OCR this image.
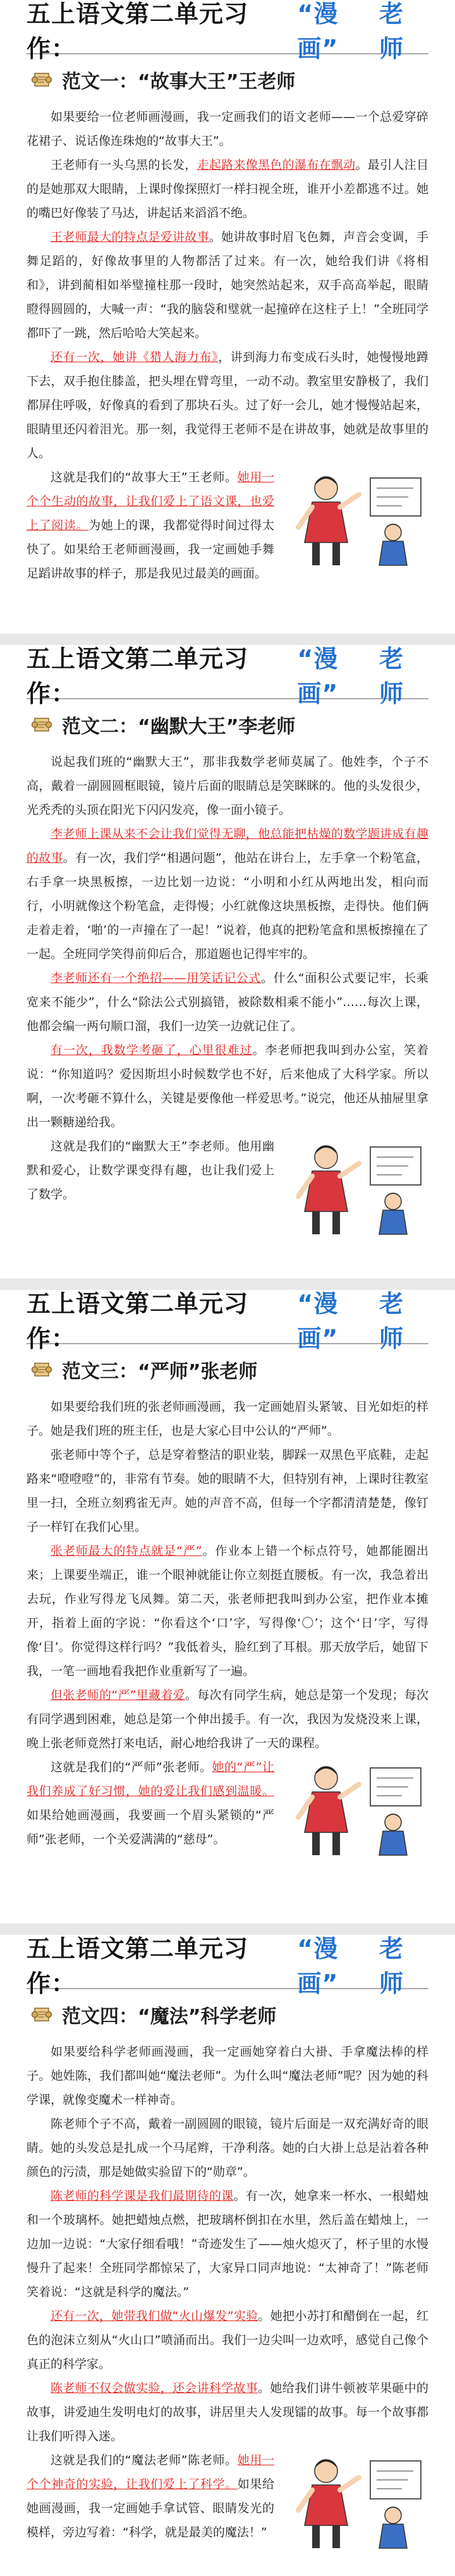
五上语文第二单元习作：
“漫画”
老师
范文一：“故事大王”王老师

如果要给一位老师画漫画，我一定画我们的语文老师——一个总爱穿碎花裙子、说话像连珠炮的“故事大王”。

王老师有一头乌黑的长发，走起路来像黑色的瀑布在飘动。最引人注目的是她那双大眼睛，上课时像探照灯一样扫视全班，谁开小差都逃不过。她的嘴巴好像装了马达，讲起话来滔滔不绝。

王老师最大的特点是爱讲故事。她讲故事时眉飞色舞，声音会变调，手舞足蹈的，好像故事里的人物都活了过来。有一次，她给我们讲《将相和》，讲到蔺相如举璧撞柱那一段时，她突然站起来，双手高高举起，眼睛瞪得圆圆的，大喊一声：“我的脑袋和璧就一起撞碎在这柱子上！”全班同学都吓了一跳，然后哈哈大笑起来。

还有一次，她讲《猎人海力布》，讲到海力布变成石头时，她慢慢地蹲下去，双手抱住膝盖，把头埋在臂弯里，一动不动。教室里安静极了，我们都屏住呼吸，好像真的看到了那块石头。过了好一会儿，她才慢慢站起来，眼睛里还闪着泪光。那一刻，我觉得王老师不是在讲故事，她就是故事里的人。

这就是我们的“故事大王”王老师。她用一个个生动的故事，让我们爱上了语文课，也爱上了阅读。为她上的课，我都觉得时间过得太快了。如果给王老师画漫画，我一定画她手舞足蹈讲故事的样子，那是我见过最美的画面。

五上语文第二单元习作：
“漫画”
老师
范文二：“幽默大王”李老师

说起我们班的“幽默大王”，那非我数学老师莫属了。他姓李，个子不高，戴着一副圆圆框眼镜，镜片后面的眼睛总是笑眯眯的。他的头发很少，光秃秃的头顶在阳光下闪闪发亮，像一面小镜子。

李老师上课从来不会让我们觉得无聊，他总能把枯燥的数学题讲成有趣的故事。有一次，我们学“相遇问题”，他站在讲台上，左手拿一个粉笔盒，右手拿一块黑板擦，一边比划一边说：“小明和小红从两地出发，相向而行，小明就像这个粉笔盒，走得慢；小红就像这块黑板擦，走得快。他们俩走着走着，‘啪’的一声撞在了一起！”说着，他真的把粉笔盒和黑板擦撞在了一起。全班同学笑得前仰后合，那道题也记得牢牢的。

李老师还有一个绝招——用笑话记公式。什么“面积公式要记牢，长乘宽来不能少”，什么“除法公式别搞错，被除数相乘不能小”……每次上课，他都会编一两句顺口溜，我们一边笑一边就记住了。

有一次，我数学考砸了，心里很难过。李老师把我叫到办公室，笑着说：“你知道吗？爱因斯坦小时候数学也不好，后来他成了大科学家。所以啊，一次考砸不算什么，关键是要像他一样爱思考。”说完，他还从抽屉里拿出一颗糖递给我。

这就是我们的“幽默大王”李老师。他用幽默和爱心，让数学课变得有趣，也让我们爱上了数学。

五上语文第二单元习作：
“漫画”
老师
范文三：“严师”张老师

如果要给我们班的张老师画漫画，我一定画她眉头紧皱、目光如炬的样子。她是我们班的班主任，也是大家心目中公认的“严师”。

张老师中等个子，总是穿着整洁的职业装，脚踩一双黑色平底鞋，走起路来“噔噔噔”的，非常有节奏。她的眼睛不大，但特别有神，上课时往教室里一扫，全班立刻鸦雀无声。她的声音不高，但每一个字都清清楚楚，像钉子一样钉在我们心里。

张老师最大的特点就是“严”。作业本上错一个标点符号，她都能圈出来；上课要坐端正，谁一个眼神就能让你立刻挺直腰板。有一次，我急着出去玩，作业写得龙飞凤舞。第二天，张老师把我叫到办公室，把作业本摊开，指着上面的字说：“你看这个‘口’字，写得像‘〇’；这个‘日’字，写得像‘目’。你觉得这样行吗？”我低着头，脸红到了耳根。那天放学后，她留下我，一笔一画地看我把作业重新写了一遍。

但张老师的“严”里藏着爱。每次有同学生病，她总是第一个发现；每次有同学遇到困难，她总是第一个伸出援手。有一次，我因为发烧没来上课，晚上张老师竟然打来电话，耐心地给我讲了一天的课程。

这就是我们的“严师”张老师。她的“严”让我们养成了好习惯，她的爱让我们感到温暖。如果给她画漫画，我要画一个眉头紧锁的“严师”张老师，一个关爱满满的“慈母”。

五上语文第二单元习作：
“漫画”
老师
范文四：“魔法”科学老师

如果要给科学老师画漫画，我一定画她穿着白大褂、手拿魔法棒的样子。她姓陈，我们都叫她“魔法老师”。为什么叫“魔法老师”呢？因为她的科学课，就像变魔术一样神奇。

陈老师个子不高，戴着一副圆圆的眼镜，镜片后面是一双充满好奇的眼睛。她的头发总是扎成一个马尾辫，干净利落。她的白大褂上总是沾着各种颜色的污渍，那是她做实验留下的“勋章”。

陈老师的科学课是我们最期待的课。有一次，她拿来一杯水、一根蜡烛和一个玻璃杯。她把蜡烛点燃，把玻璃杯倒扣在水里，然后盖在蜡烛上，一边加一边说：“大家仔细看哦！”奇迹发生了——烛火熄灭了，杯子里的水慢慢升了起来！全班同学都惊呆了，大家异口同声地说：“太神奇了！”陈老师笑着说：“这就是科学的魔法。”

还有一次，她带我们做“火山爆发”实验。她把小苏打和醋倒在一起，红色的泡沫立刻从“火山口”喷涌而出。我们一边尖叫一边欢呼，感觉自己像个真正的科学家。

陈老师不仅会做实验，还会讲科学故事。她给我们讲牛顿被苹果砸中的故事，讲爱迪生发明电灯的故事，讲居里夫人发现镭的故事。每一个故事都让我们听得入迷。

这就是我们的“魔法老师”陈老师。她用一个个神奇的实验，让我们爱上了科学。如果给她画漫画，我一定画她手拿试管、眼睛发光的模样，旁边写着：“科学，就是最美的魔法！”
